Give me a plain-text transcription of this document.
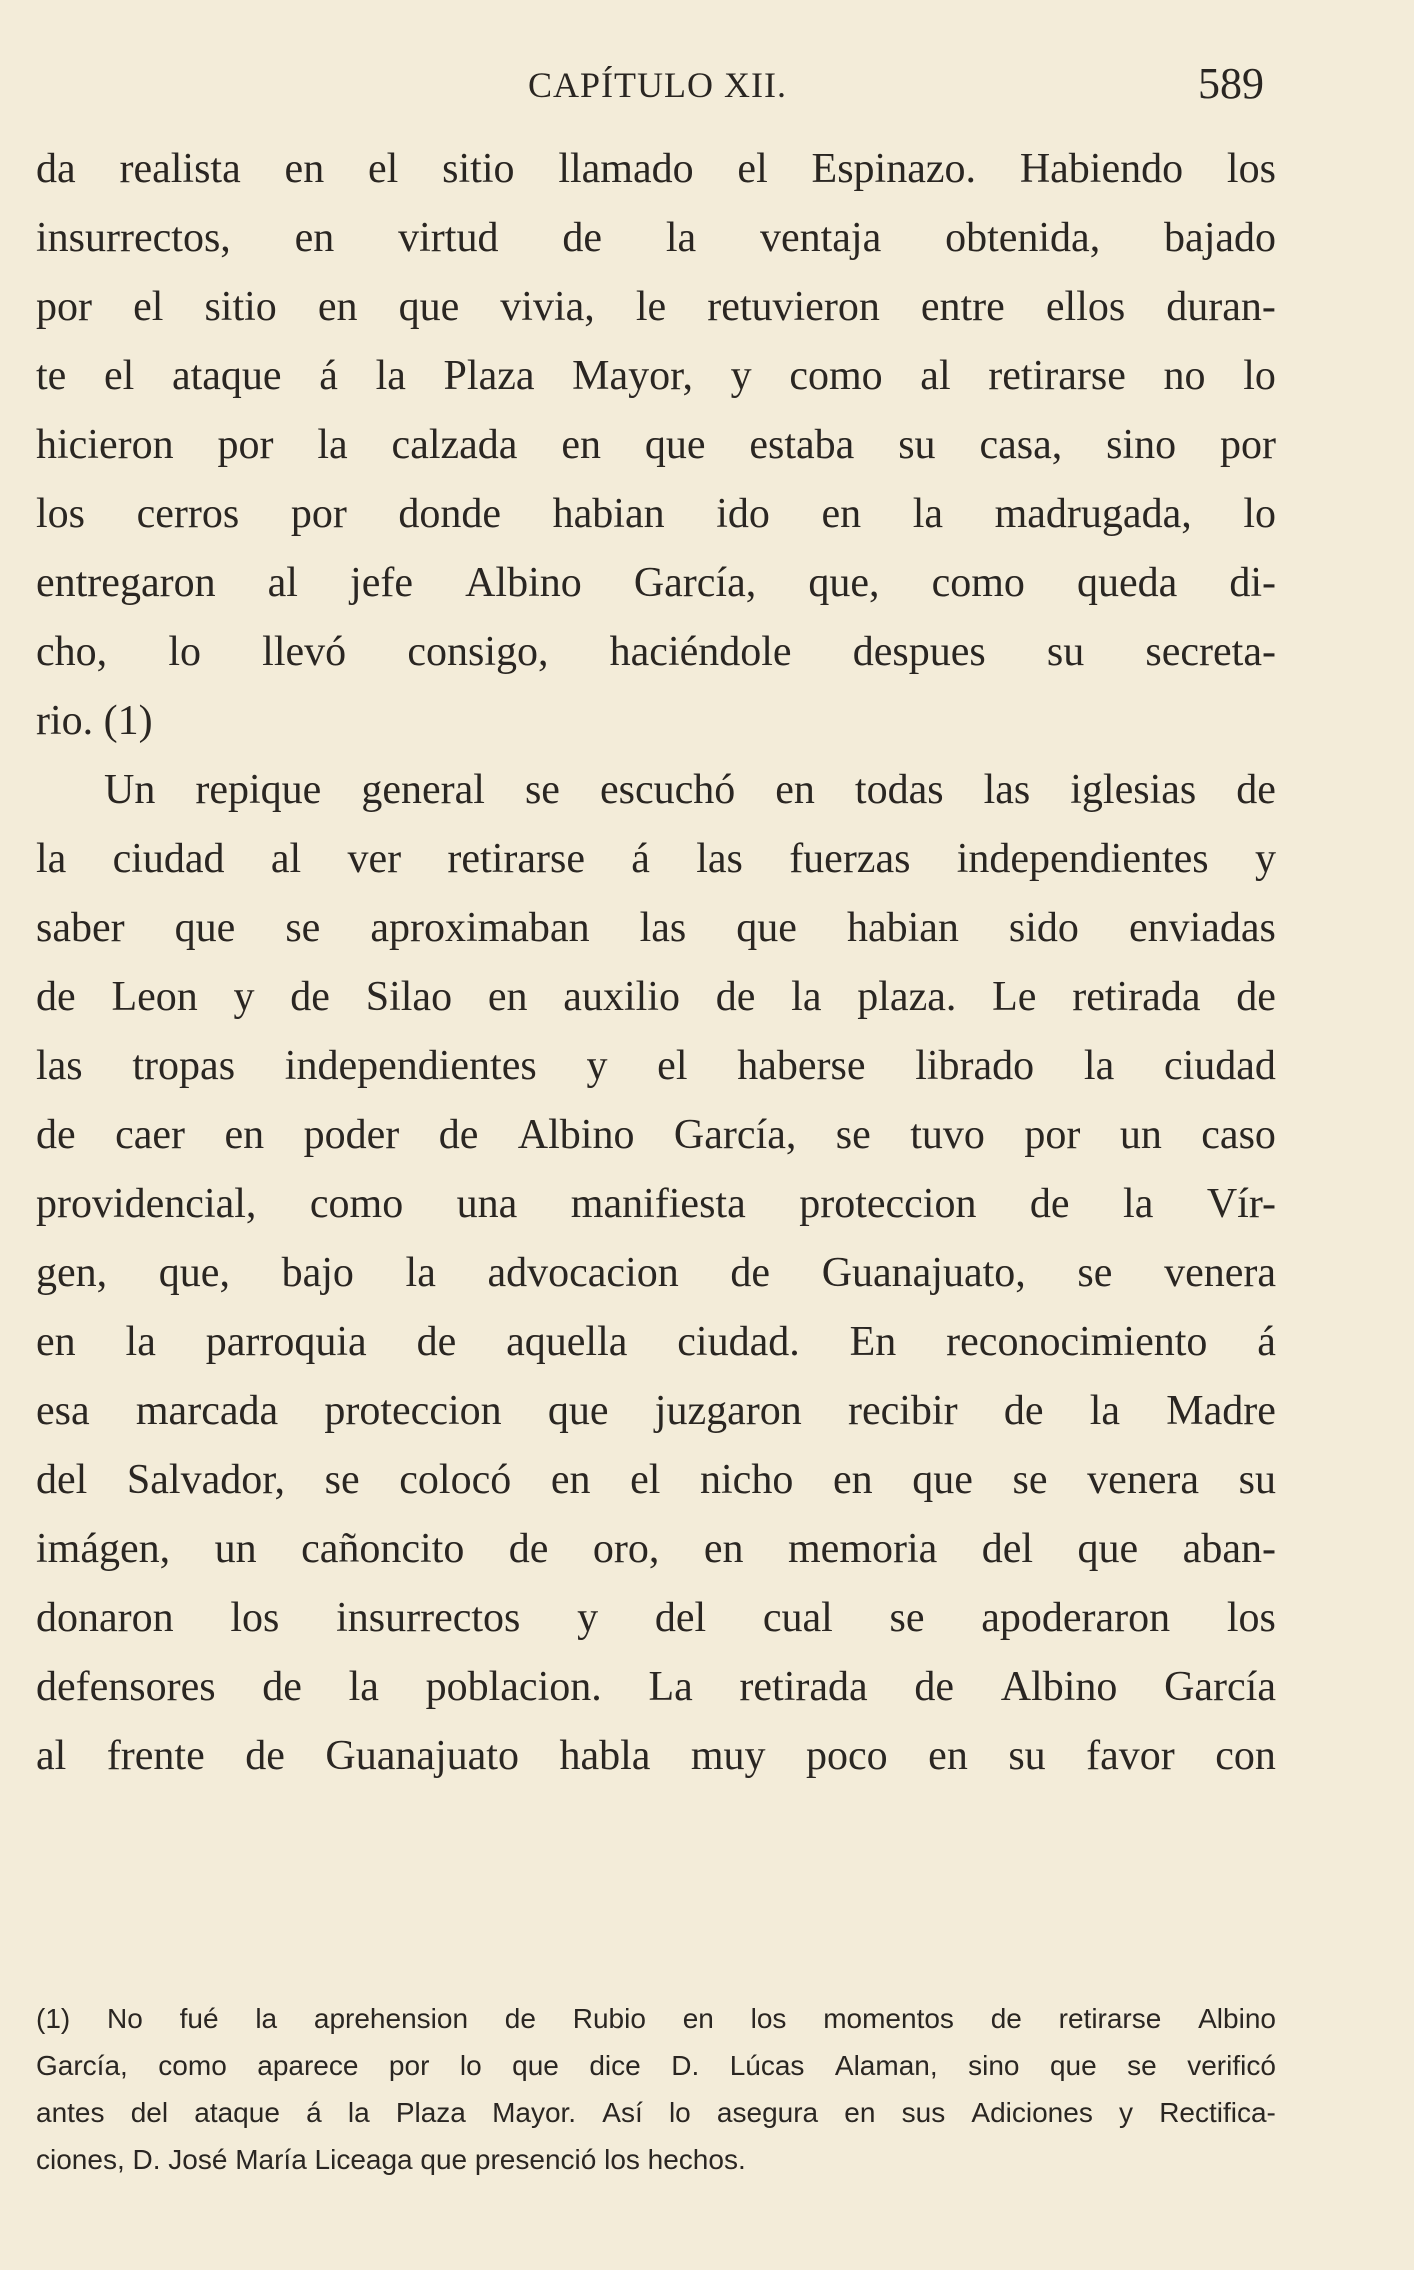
CAPÍTULO XII.	589
da realista en el sitio llamado el Espinazo. Habiendo los
insurrectos, en virtud de la ventaja obtenida, bajado
por el sitio en que vivia, le retuvieron entre ellos duran-
te el ataque á la Plaza Mayor, y como al retirarse no lo
hicieron por la calzada en que estaba su casa, sino por
los cerros por donde habian ido en la madrugada, lo
entregaron al jefe Albino García, que, como queda di-
cho, lo llevó consigo, haciéndole despues su secreta-
rio. (1)
Un repique general se escuchó en todas las iglesias de
la ciudad al ver retirarse á las fuerzas independientes y
saber que se aproximaban las que habian sido enviadas
de Leon y de Silao en auxilio de la plaza. Le retirada de
las tropas independientes y el haberse librado la ciudad
de caer en poder de Albino García, se tuvo por un caso
providencial, como una manifiesta proteccion de la Vír-
gen, que, bajo la advocacion de Guanajuato, se venera
en la parroquia de aquella ciudad. En reconocimiento á
esa marcada proteccion que juzgaron recibir de la Madre
del Salvador, se colocó en el nicho en que se venera su
imágen, un cañoncito de oro, en memoria del que aban-
donaron los insurrectos y del cual se apoderaron los
defensores de la poblacion. La retirada de Albino García
al frente de Guanajuato habla muy poco en su favor con
(1) No fué la aprehension de Rubio en los momentos de retirarse Albino
García, como aparece por lo que dice D. Lúcas Alaman, sino que se verificó
antes del ataque á la Plaza Mayor. Así lo asegura en sus Adiciones y Rectifica-
ciones, D. José María Liceaga que presenció los hechos.
